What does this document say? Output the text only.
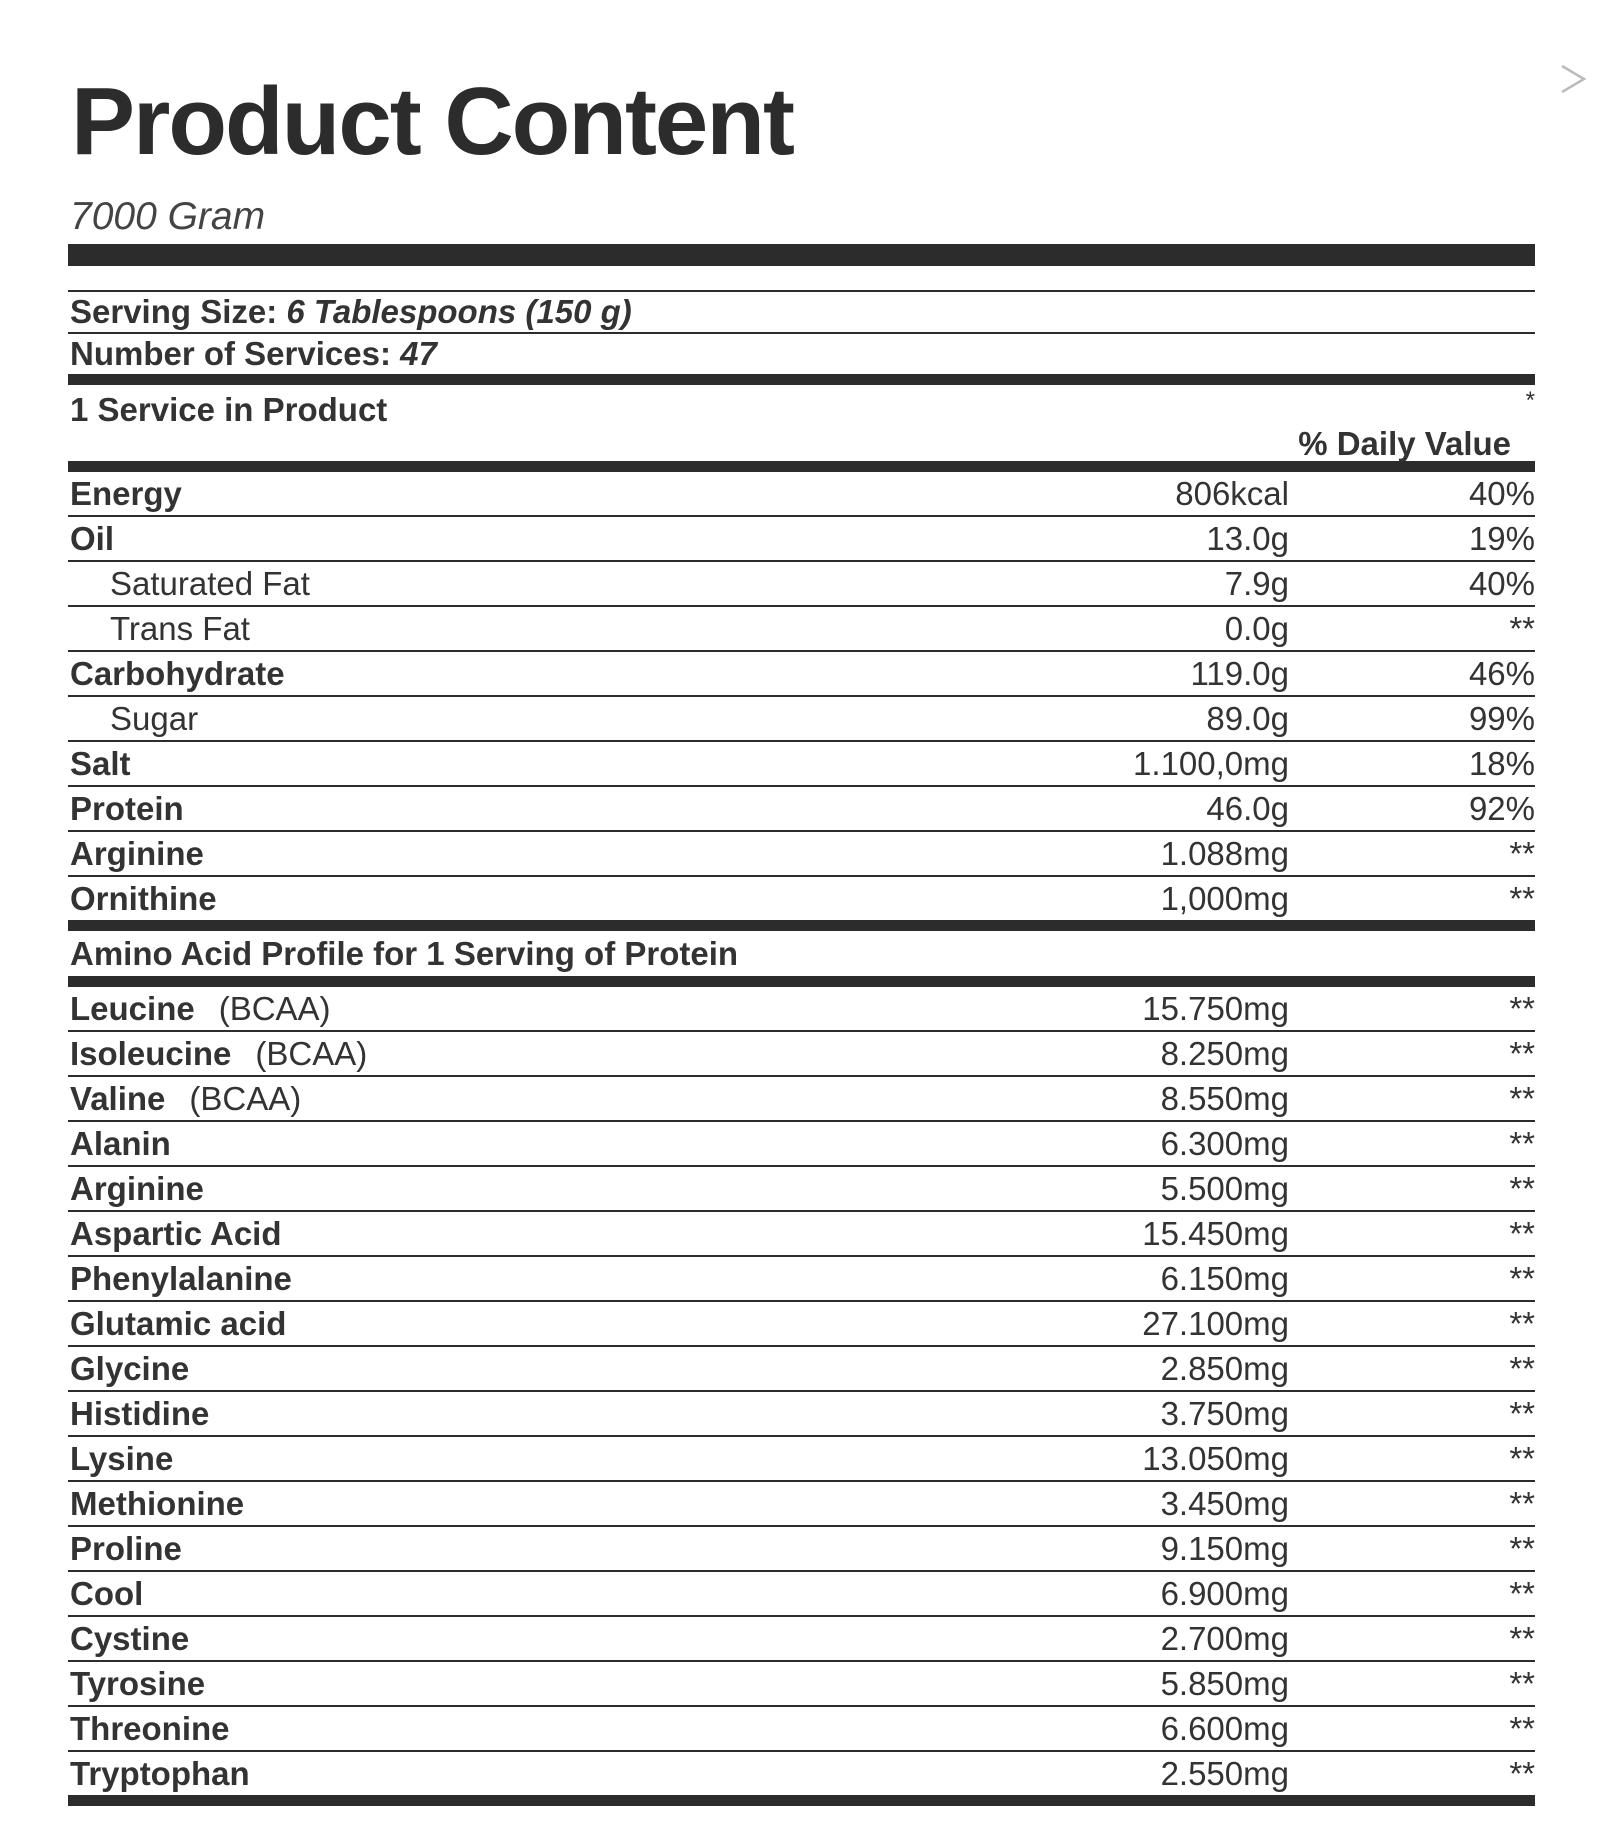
Product Content
7000 Gram
Serving Size: 6 Tablespoons (150 g)
Number of Services: 47
1 Service in Product	*
% Daily Value
Energy	806kcal	40%
Oil	13.0g	19%
Saturated Fat	7.9g	40%
Trans Fat	0.0g	**
Carbohydrate	119.0g	46%
Sugar	89.0g	99%
Salt	1.100,0mg	18%
Protein	46.0g	92%
Arginine	1.088mg	**
Ornithine	1,000mg	**
Amino Acid Profile for 1 Serving of Protein
Leucine (BCAA)	15.750mg	**
Isoleucine (BCAA)	8.250mg	**
Valine (BCAA)	8.550mg	**
Alanin	6.300mg	**
Arginine	5.500mg	**
Aspartic Acid	15.450mg	**
Phenylalanine	6.150mg	**
Glutamic acid	27.100mg	**
Glycine	2.850mg	**
Histidine	3.750mg	**
Lysine	13.050mg	**
Methionine	3.450mg	**
Proline	9.150mg	**
Cool	6.900mg	**
Cystine	2.700mg	**
Tyrosine	5.850mg	**
Threonine	6.600mg	**
Tryptophan	2.550mg	**
